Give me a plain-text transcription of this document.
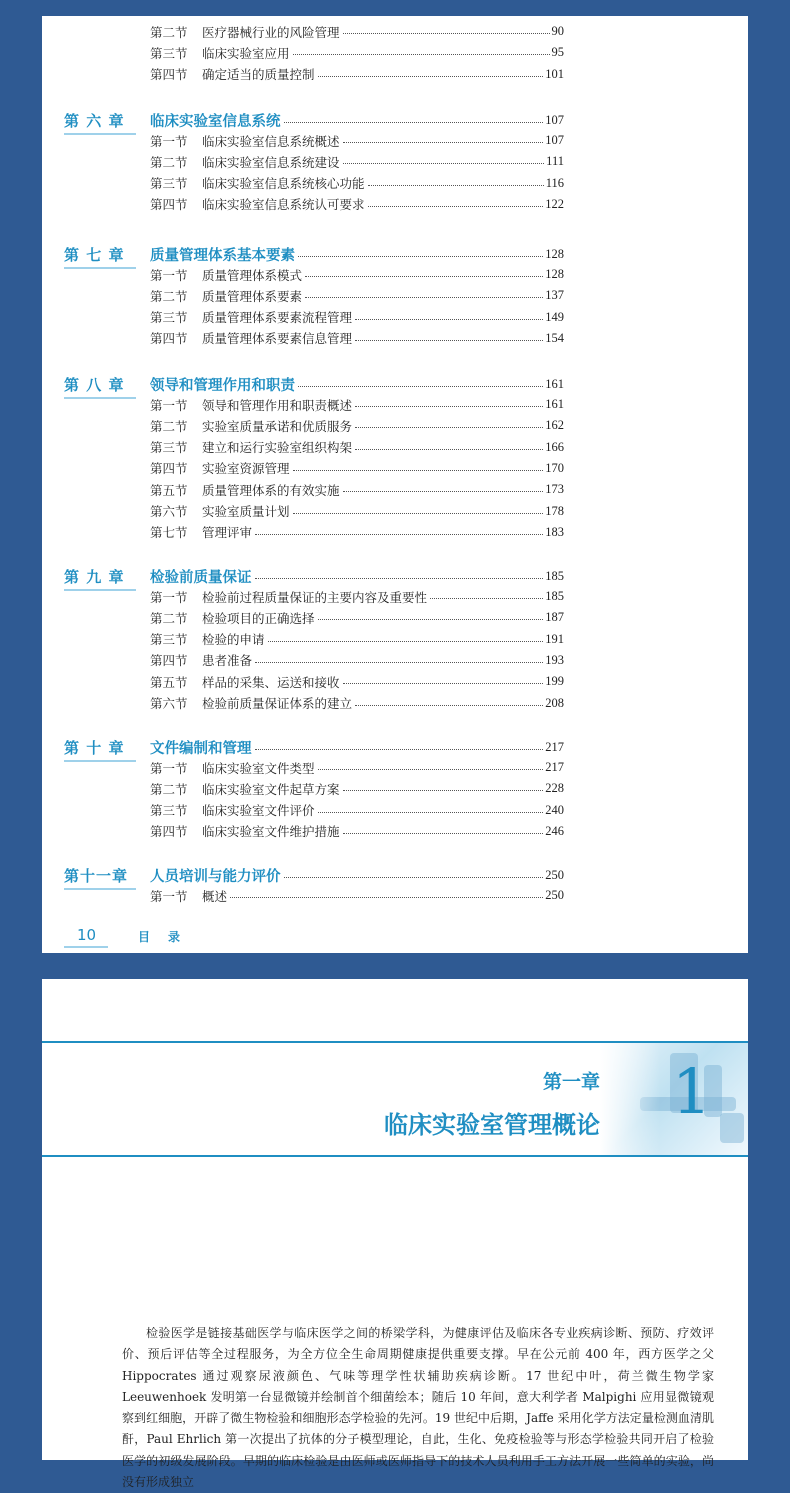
第二节	医疗器械行业的风险管理	90
第三节	临床实验室应用	95
第四节	确定适当的质量控制	101
第 六 章	临床实验室信息系统	107
第一节	临床实验室信息系统概述	107
第二节	临床实验室信息系统建设	111
第三节	临床实验室信息系统核心功能	116
第四节	临床实验室信息系统认可要求	122
第 七 章	质量管理体系基本要素	128
第一节	质量管理体系模式	128
第二节	质量管理体系要素	137
第三节	质量管理体系要素流程管理	149
第四节	质量管理体系要素信息管理	154
第 八 章	领导和管理作用和职责	161
第一节	领导和管理作用和职责概述	161
第二节	实验室质量承诺和优质服务	162
第三节	建立和运行实验室组织构架	166
第四节	实验室资源管理	170
第五节	质量管理体系的有效实施	173
第六节	实验室质量计划	178
第七节	管理评审	183
第 九 章	检验前质量保证	185
第一节	检验前过程质量保证的主要内容及重要性	185
第二节	检验项目的正确选择	187
第三节	检验的申请	191
第四节	患者准备	193
第五节	样品的采集、运送和接收	199
第六节	检验前质量保证体系的建立	208
第 十 章	文件编制和管理	217
第一节	临床实验室文件类型	217
第二节	临床实验室文件起草方案	228
第三节	临床实验室文件评价	240
第四节	临床实验室文件维护措施	246
第十一章	人员培训与能力评价	250
第一节	概述	250
10	目录
1
第一章
临床实验室管理概论
检验医学是链接基础医学与临床医学之间的桥梁学科，为健康评估及临床各专业疾病诊断、预防、疗效评价、预后评估等全过程服务，为全方位全生命周期健康提供重要支撑。早在公元前 400 年，西方医学之父 Hippocrates 通过观察尿液颜色、气味等理学性状辅助疾病诊断。17 世纪中叶，荷兰微生物学家 Leeuwenhoek 发明第一台显微镜并绘制首个细菌绘本；随后 10 年间，意大利学者 Malpighi 应用显微镜观察到红细胞，开辟了微生物检验和细胞形态学检验的先河。19 世纪中后期，Jaffe 采用化学方法定量检测血清肌酐，Paul Ehrlich 第一次提出了抗体的分子模型理论，自此，生化、免疫检验等与形态学检验共同开启了检验医学的初级发展阶段。早期的临床检验是由医师或医师指导下的技术人员利用手工方法开展一些简单的实验，尚没有形成独立
